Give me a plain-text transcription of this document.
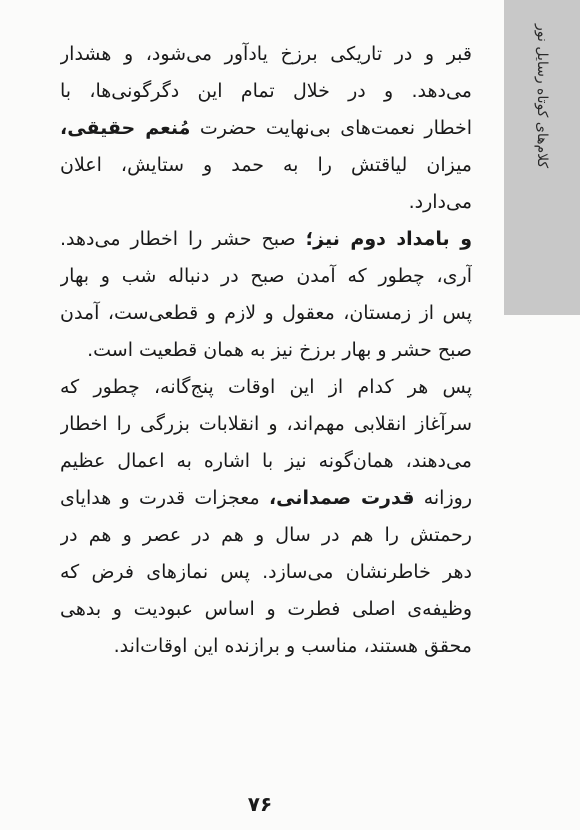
کلام‌های کوتاه رسایل نور
قبر و در تاریکی برزخ یادآور می‌شود، و هشدار
می‌دهد. و در خلال تمام این دگرگونی‌ها، با
اخطار نعمت‌های بی‌نهایت حضرت مُنعم حقیقی،
میزان لیاقتش را به حمد و ستایش، اعلان
می‌دارد.
و بامداد دوم نیز؛ صبح حشر را اخطار می‌دهد.
آری، چطور که آمدن صبح در دنباله شب و بهار
پس از زمستان، معقول و لازم و قطعی‌ست، آمدن
صبح حشر و بهار برزخ نیز به همان قطعیت است.
پس هر کدام از این اوقات پنج‌گانه، چطور که
سرآغاز انقلابی مهم‌اند، و انقلابات بزرگی را اخطار
می‌دهند، همان‌گونه نیز با اشاره به اعمال عظیم
روزانه قدرت صمدانی، معجزات قدرت و هدایای
رحمتش را هم در سال و هم در عصر و هم در
دهر خاطرنشان می‌سازد. پس نمازهای فرض که
وظیفه‌ی اصلی فطرت و اساس عبودیت و بدهی
محقق هستند، مناسب و برازنده این اوقات‌اند.
۷۶
